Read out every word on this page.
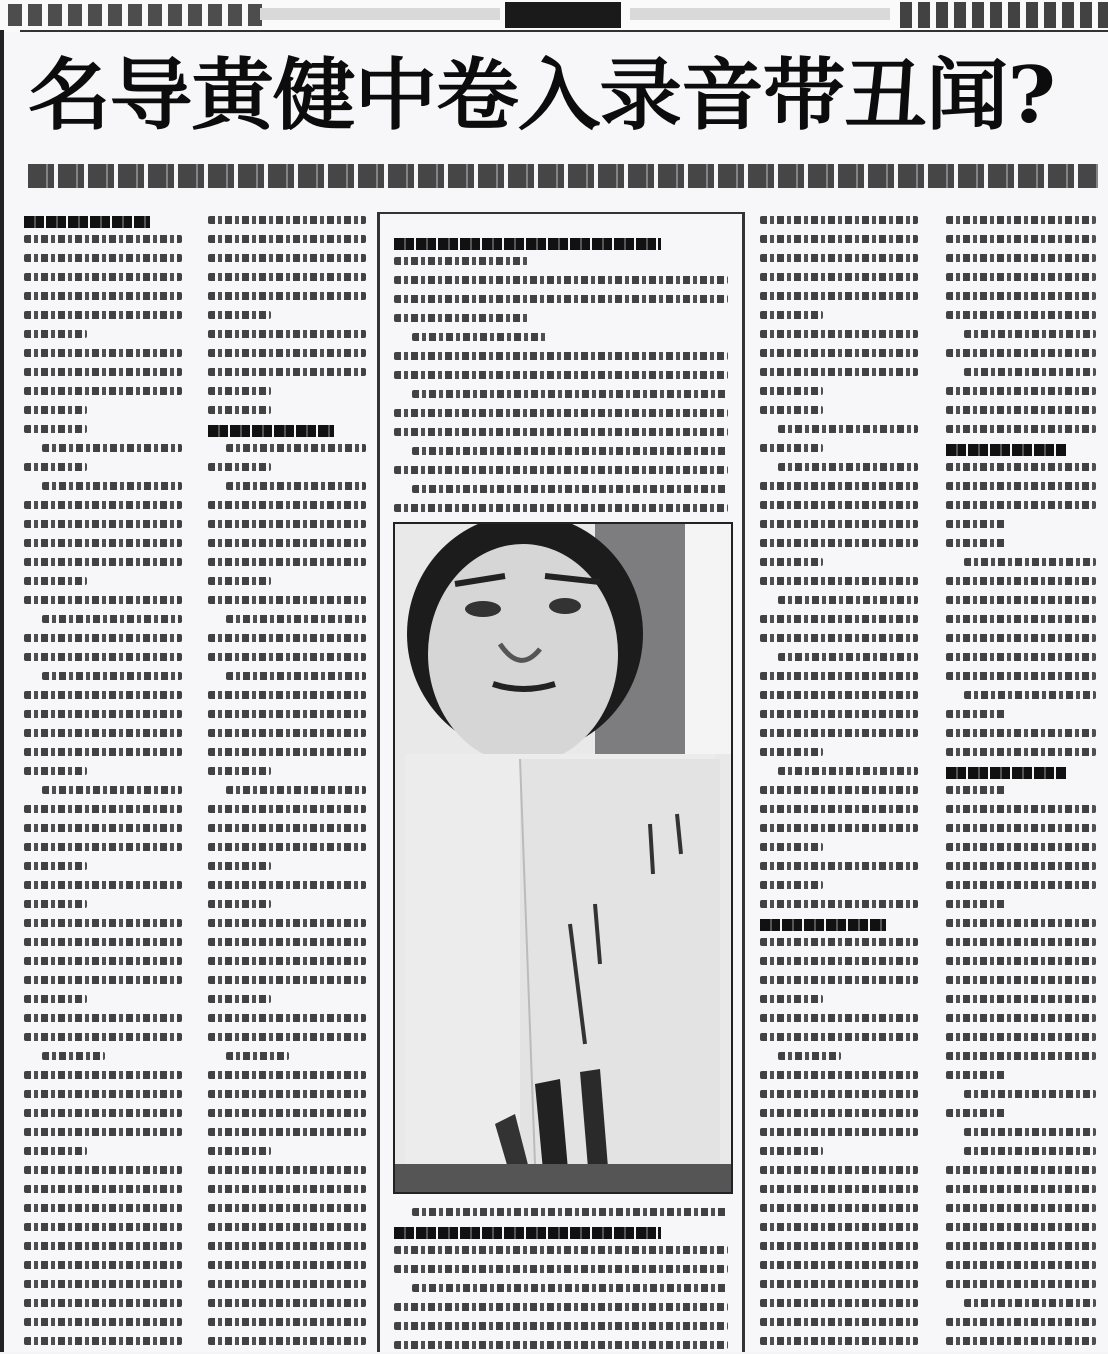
名导黄健中卷入录音带丑闻?
